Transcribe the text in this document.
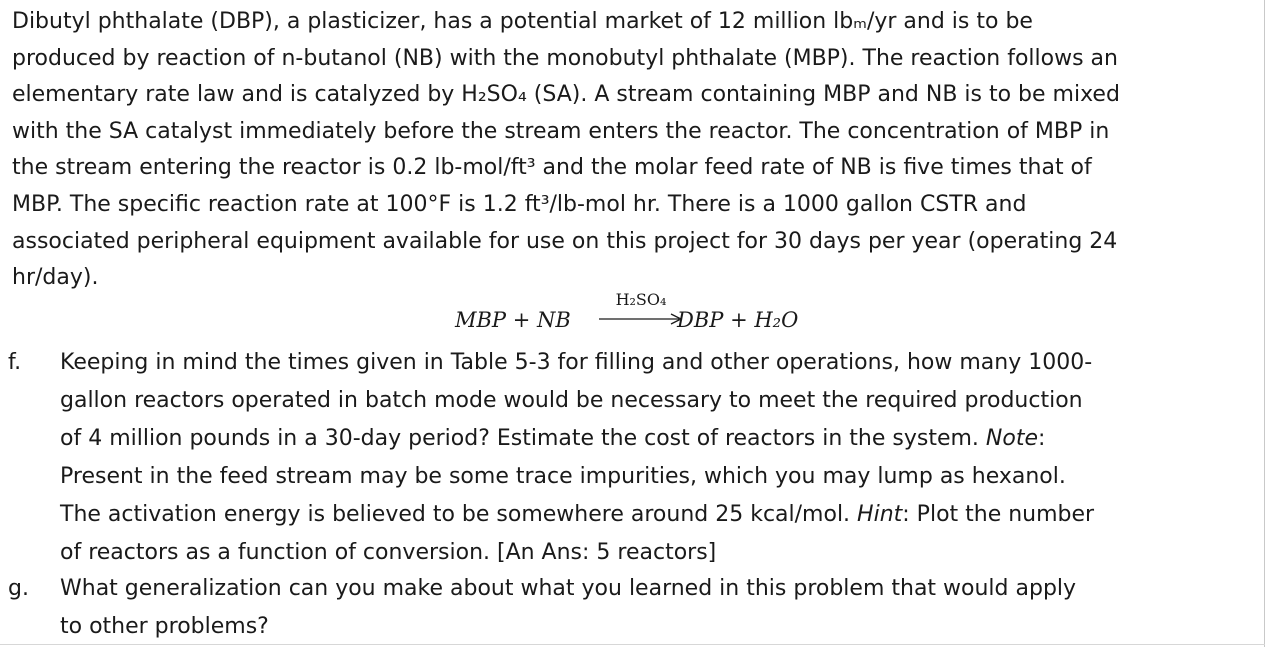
Dibutyl phthalate (DBP), a plasticizer, has a potential market of 12 million lbₘ/yr and is to be

produced by reaction of n-butanol (NB) with the monobutyl phthalate (MBP). The reaction follows an

elementary rate law and is catalyzed by H₂SO₄ (SA). A stream containing MBP and NB is to be mixed

with the SA catalyst immediately before the stream enters the reactor. The concentration of MBP in

the stream entering the reactor is 0.2 lb-mol/ft³ and the molar feed rate of NB is five times that of

MBP. The specific reaction rate at 100°F is 1.2 ft³/lb-mol hr. There is a 1000 gallon CSTR and

associated peripheral equipment available for use on this project for 30 days per year (operating 24

hr/day).

MBP + NB
H₂SO₄
DBP + H₂O
f. Keeping in mind the times given in Table 5-3 for filling and other operations, how many 1000-

gallon reactors operated in batch mode would be necessary to meet the required production

of 4 million pounds in a 30-day period? Estimate the cost of reactors in the system. Note:

Present in the feed stream may be some trace impurities, which you may lump as hexanol.

The activation energy is believed to be somewhere around 25 kcal/mol. Hint: Plot the number

of reactors as a function of conversion. [An Ans: 5 reactors]

g. What generalization can you make about what you learned in this problem that would apply

to other problems?
